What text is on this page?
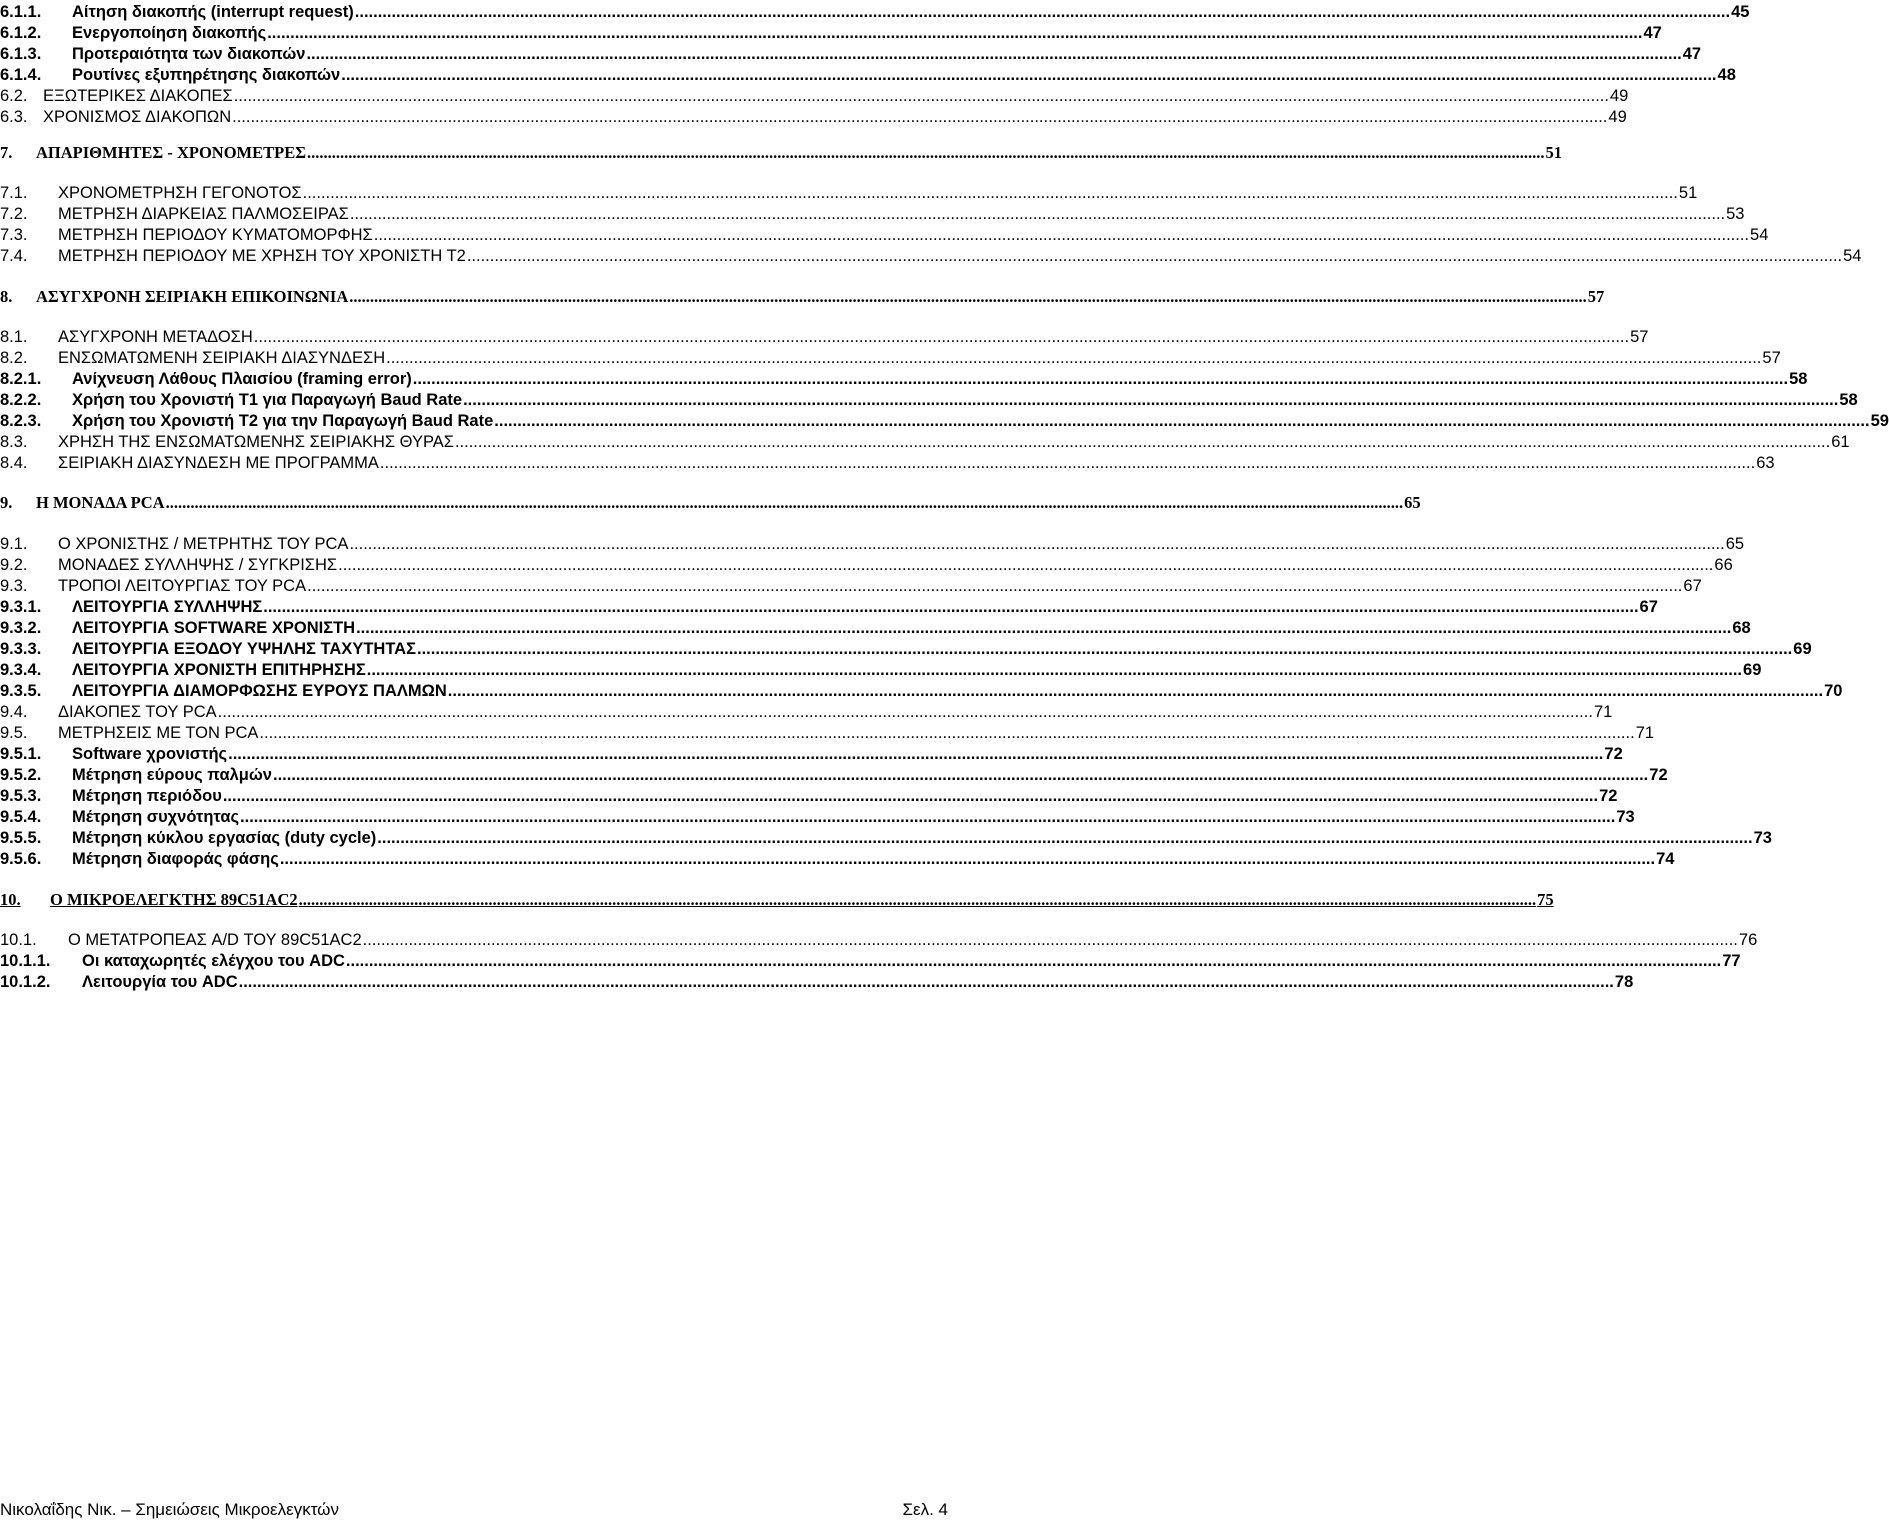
6.1.1.	Αίτηση διακοπής (interrupt request) ............................................................................................................................................................................................................................................................................................................ 45
6.1.2.	Ενεργοποίηση διακοπής ............................................................................................................................................................................................................................................................................................................ 47
6.1.3.	Προτεραιότητα των διακοπών ............................................................................................................................................................................................................................................................................................................ 47
6.1.4.	Ρουτίνες εξυπηρέτησης διακοπών ............................................................................................................................................................................................................................................................................................................ 48
6.2. ΕΞΩΤΕΡΙΚΕΣ ΔΙΑΚΟΠΕΣ ............................................................................................................................................................................................................................................................................................................ 49
6.3. ΧΡΟΝΙΣΜΟΣ ΔΙΑΚΟΠΩΝ ............................................................................................................................................................................................................................................................................................................ 49
7.	ΑΠΑΡΙΘΜΗΤΕΣ - ΧΡΟΝΟΜΕΤΡΕΣ ............................................................................................................................................................................................................................................................................................................ 51
7.1.	ΧΡΟΝΟΜΕΤΡΗΣΗ ΓΕΓΟΝΟΤΟΣ ............................................................................................................................................................................................................................................................................................................ 51
7.2.	ΜΕΤΡΗΣΗ ΔΙΑΡΚΕΙΑΣ ΠΑΛΜΟΣΕΙΡΑΣ ............................................................................................................................................................................................................................................................................................................ 53
7.3.	ΜΕΤΡΗΣΗ ΠΕΡΙΟΔΟΥ ΚΥΜΑΤΟΜΟΡΦΗΣ ............................................................................................................................................................................................................................................................................................................ 54
7.4.	ΜΕΤΡΗΣΗ ΠΕΡΙΟΔΟΥ ΜΕ ΧΡΗΣΗ ΤΟΥ ΧΡΟΝΙΣΤΗ Τ2 ............................................................................................................................................................................................................................................................................................................ 54
8.	ΑΣΥΓΧΡΟΝΗ ΣΕΙΡΙΑΚΗ ΕΠΙΚΟΙΝΩΝΙΑ ............................................................................................................................................................................................................................................................................................................ 57
8.1.	ΑΣΥΓΧΡΟΝΗ ΜΕΤΑΔΟΣΗ ............................................................................................................................................................................................................................................................................................................ 57
8.2.	ΕΝΣΩΜΑΤΩΜΕΝΗ ΣΕΙΡΙΑΚΗ ΔΙΑΣΥΝΔΕΣΗ ............................................................................................................................................................................................................................................................................................................ 57
8.2.1.	Ανίχνευση Λάθους Πλαισίου (framing error) ............................................................................................................................................................................................................................................................................................................ 58
8.2.2.	Χρήση του Χρονιστή Τ1 για Παραγωγή Baud Rate ............................................................................................................................................................................................................................................................................................................ 58
8.2.3.	Χρήση του Χρονιστή Τ2 για την Παραγωγή Baud Rate ............................................................................................................................................................................................................................................................................................................ 59
8.3.	ΧΡΗΣΗ ΤΗΣ ΕΝΣΩΜΑΤΩΜΕΝΗΣ ΣΕΙΡΙΑΚΗΣ ΘΥΡΑΣ ............................................................................................................................................................................................................................................................................................................ 61
8.4.	ΣΕΙΡΙΑΚΗ ΔΙΑΣΥΝΔΕΣΗ ΜΕ ΠΡΟΓΡΑΜΜΑ ............................................................................................................................................................................................................................................................................................................ 63
9.	Η ΜΟΝΑΔΑ PCA ............................................................................................................................................................................................................................................................................................................ 65
9.1.	Ο ΧΡΟΝΙΣΤΗΣ / ΜΕΤΡΗΤΗΣ ΤΟΥ PCA ............................................................................................................................................................................................................................................................................................................ 65
9.2.	ΜΟΝΑΔΕΣ ΣΥΛΛΗΨΗΣ / ΣΥΓΚΡΙΣΗΣ ............................................................................................................................................................................................................................................................................................................ 66
9.3.	ΤΡΟΠΟΙ ΛΕΙΤΟΥΡΓΙΑΣ ΤΟΥ PCA ............................................................................................................................................................................................................................................................................................................ 67
9.3.1.	ΛΕΙΤΟΥΡΓΙΑ ΣΥΛΛΗΨΗΣ ............................................................................................................................................................................................................................................................................................................ 67
9.3.2.	ΛΕΙΤΟΥΡΓΙΑ SOFTWARE ΧΡΟΝΙΣΤΗ ............................................................................................................................................................................................................................................................................................................ 68
9.3.3.	ΛΕΙΤΟΥΡΓΙΑ ΕΞΟΔΟΥ ΥΨΗΛΗΣ ΤΑΧΥΤΗΤΑΣ ............................................................................................................................................................................................................................................................................................................ 69
9.3.4.	ΛΕΙΤΟΥΡΓΙΑ ΧΡΟΝΙΣΤΗ ΕΠΙΤΗΡΗΣΗΣ ............................................................................................................................................................................................................................................................................................................ 69
9.3.5.	ΛΕΙΤΟΥΡΓΙΑ ΔΙΑΜΟΡΦΩΣΗΣ ΕΥΡΟΥΣ ΠΑΛΜΩΝ ............................................................................................................................................................................................................................................................................................................ 70
9.4.	ΔΙΑΚΟΠΕΣ ΤΟΥ PCA ............................................................................................................................................................................................................................................................................................................ 71
9.5.	ΜΕΤΡΗΣΕΙΣ ΜΕ ΤΟΝ PCA ............................................................................................................................................................................................................................................................................................................ 71
9.5.1.	Software χρονιστής ............................................................................................................................................................................................................................................................................................................ 72
9.5.2.	Μέτρηση εύρους παλμών ............................................................................................................................................................................................................................................................................................................ 72
9.5.3.	Μέτρηση περιόδου ............................................................................................................................................................................................................................................................................................................ 72
9.5.4.	Μέτρηση συχνότητας ............................................................................................................................................................................................................................................................................................................ 73
9.5.5.	Μέτρηση κύκλου εργασίας (duty cycle) ............................................................................................................................................................................................................................................................................................................ 73
9.5.6.	Μέτρηση διαφοράς φάσης ............................................................................................................................................................................................................................................................................................................ 74
10.	Ο ΜΙΚΡΟΕΛΕΓΚΤΗΣ 89C51AC2 ............................................................................................................................................................................................................................................................................................................ 75
10.1.	Ο ΜΕΤΑΤΡΟΠΕΑΣ A/D ΤΟΥ 89C51AC2 ............................................................................................................................................................................................................................................................................................................ 76
10.1.1.	Οι καταχωρητές ελέγχου του ADC ............................................................................................................................................................................................................................................................................................................ 77
10.1.2.	Λειτουργία του ADC ............................................................................................................................................................................................................................................................................................................ 78
Νικολαΐδης Νικ. – Σημειώσεις Μικροελεγκτών	Σελ. 4
